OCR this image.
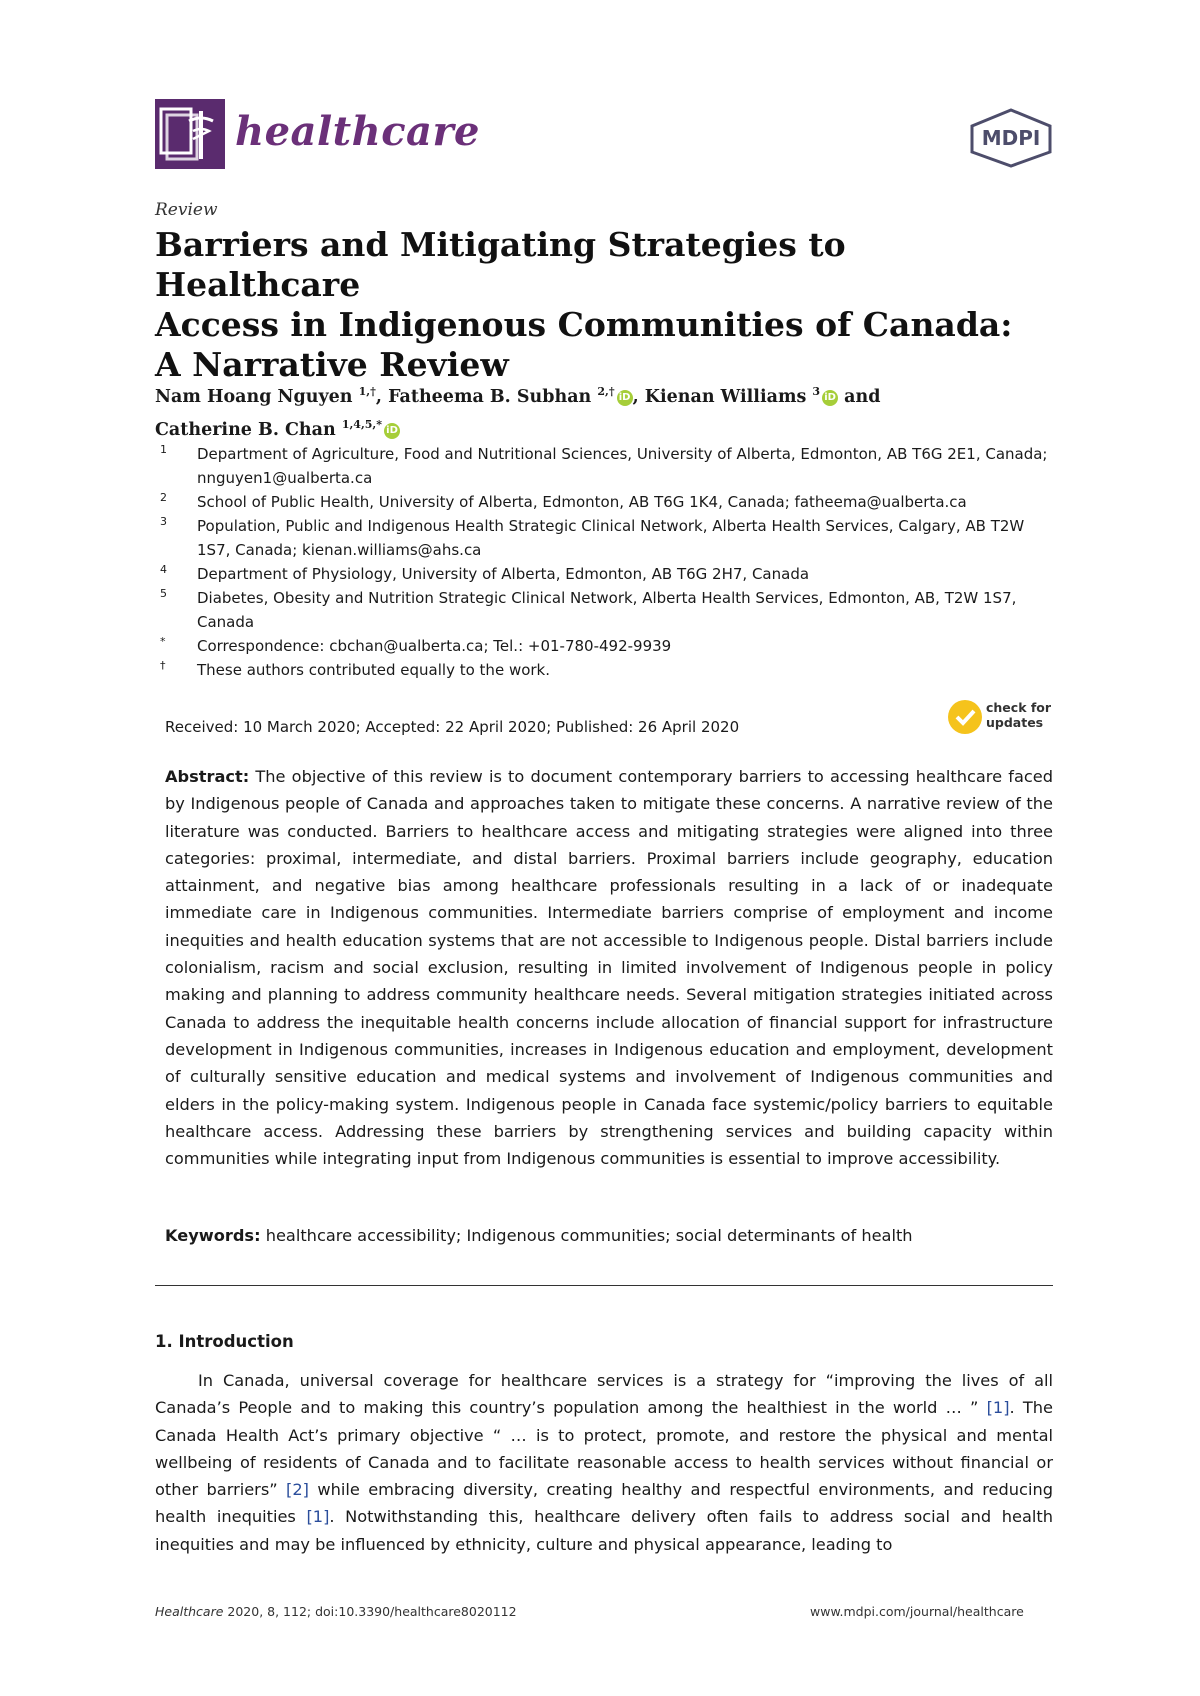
healthcare	MDPI
Review
Barriers and Mitigating Strategies to Healthcare
Access in Indigenous Communities of Canada:
A Narrative Review
Nam Hoang Nguyen $^{1,\dagger}$, Fatheema B. Subhan $^{2,\dagger}$ iD , Kienan Williams $^3$ iD and
Catherine B. Chan $^{1,4,5,*}$ iD
1 Department of Agriculture, Food and Nutritional Sciences, University of Alberta, Edmonton, AB T6G 2E1, Canada; nnguyen1@ualberta.ca
2 School of Public Health, University of Alberta, Edmonton, AB T6G 1K4, Canada; fatheema@ualberta.ca
3 Population, Public and Indigenous Health Strategic Clinical Network, Alberta Health Services, Calgary, AB T2W 1S7, Canada; kienan.williams@ahs.ca
4 Department of Physiology, University of Alberta, Edmonton, AB T6G 2H7, Canada
5 Diabetes, Obesity and Nutrition Strategic Clinical Network, Alberta Health Services, Edmonton, AB, T2W 1S7, Canada
* Correspondence: cbchan@ualberta.ca; Tel.: +01-780-492-9939
† These authors contributed equally to the work.
Received: 10 March 2020; Accepted: 22 April 2020; Published: 26 April 2020
check for
updates

Abstract: The objective of this review is to document contemporary barriers to accessing healthcare faced by Indigenous people of Canada and approaches taken to mitigate these concerns. A narrative review of the literature was conducted. Barriers to healthcare access and mitigating strategies were aligned into three categories: proximal, intermediate, and distal barriers. Proximal barriers include geography, education attainment, and negative bias among healthcare professionals resulting in a lack of or inadequate immediate care in Indigenous communities. Intermediate barriers comprise of employment and income inequities and health education systems that are not accessible to Indigenous people. Distal barriers include colonialism, racism and social exclusion, resulting in limited involvement of Indigenous people in policy making and planning to address community healthcare needs. Several mitigation strategies initiated across Canada to address the inequitable health concerns include allocation of financial support for infrastructure development in Indigenous communities, increases in Indigenous education and employment, development of culturally sensitive education and medical systems and involvement of Indigenous communities and elders in the policy-making system. Indigenous people in Canada face systemic/policy barriers to equitable healthcare access. Addressing these barriers by strengthening services and building capacity within communities while integrating input from Indigenous communities is essential to improve accessibility.

Keywords: healthcare accessibility; Indigenous communities; social determinants of health

1. Introduction

In Canada, universal coverage for healthcare services is a strategy for “improving the lives of all Canada’s People and to making this country’s population among the healthiest in the world … ” [1]. The Canada Health Act’s primary objective “ … is to protect, promote, and restore the physical and mental wellbeing of residents of Canada and to facilitate reasonable access to health services without financial or other barriers” [2] while embracing diversity, creating healthy and respectful environments, and reducing health inequities [1]. Notwithstanding this, healthcare delivery often fails to address social and health inequities and may be influenced by ethnicity, culture and physical appearance, leading to

Healthcare 2020, 8, 112; doi:10.3390/healthcare8020112	www.mdpi.com/journal/healthcare
